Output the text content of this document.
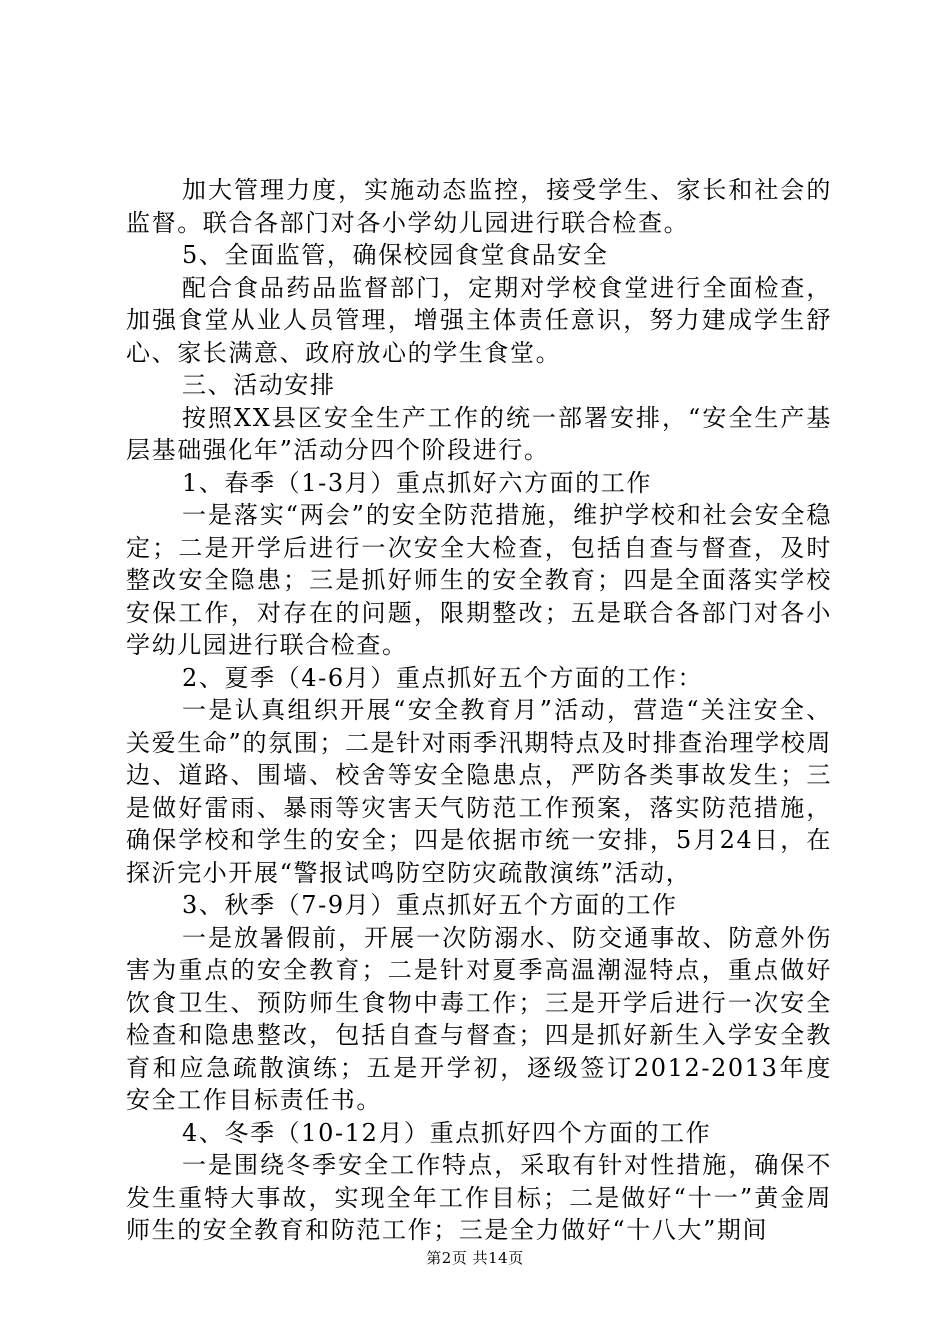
加大管理力度，实施动态监控，接受学生、家长和社会的监督。联合各部门对各小学幼儿园进行联合检查。

5、全面监管，确保校园食堂食品安全

配合食品药品监督部门，定期对学校食堂进行全面检查，加强食堂从业人员管理，增强主体责任意识，努力建成学生舒心、家长满意、政府放心的学生食堂。

三、活动安排

按照XX县区安全生产工作的统一部署安排，“安全生产基层基础强化年”活动分四个阶段进行。

1、春季（1-3月）重点抓好六方面的工作

一是落实“两会”的安全防范措施，维护学校和社会安全稳定；二是开学后进行一次安全大检查，包括自查与督查，及时整改安全隐患；三是抓好师生的安全教育；四是全面落实学校安保工作，对存在的问题，限期整改；五是联合各部门对各小学幼儿园进行联合检查。

2、夏季（4-6月）重点抓好五个方面的工作：

一是认真组织开展“安全教育月”活动，营造“关注安全、关爱生命”的氛围；二是针对雨季汛期特点及时排查治理学校周边、道路、围墙、校舍等安全隐患点，严防各类事故发生；三是做好雷雨、暴雨等灾害天气防范工作预案，落实防范措施，确保学校和学生的安全；四是依据市统一安排，5月24日，在探沂完小开展“警报试鸣防空防灾疏散演练”活动，

3、秋季（7-9月）重点抓好五个方面的工作

一是放暑假前，开展一次防溺水、防交通事故、防意外伤害为重点的安全教育；二是针对夏季高温潮湿特点，重点做好饮食卫生、预防师生食物中毒工作；三是开学后进行一次安全检查和隐患整改，包括自查与督查；四是抓好新生入学安全教育和应急疏散演练；五是开学初，逐级签订2012-2013年度安全工作目标责任书。

4、冬季（10-12月）重点抓好四个方面的工作

一是围绕冬季安全工作特点，采取有针对性措施，确保不发生重特大事故，实现全年工作目标；二是做好“十一”黄金周师生的安全教育和防范工作；三是全力做好“十八大”期间

第2页 共14页
